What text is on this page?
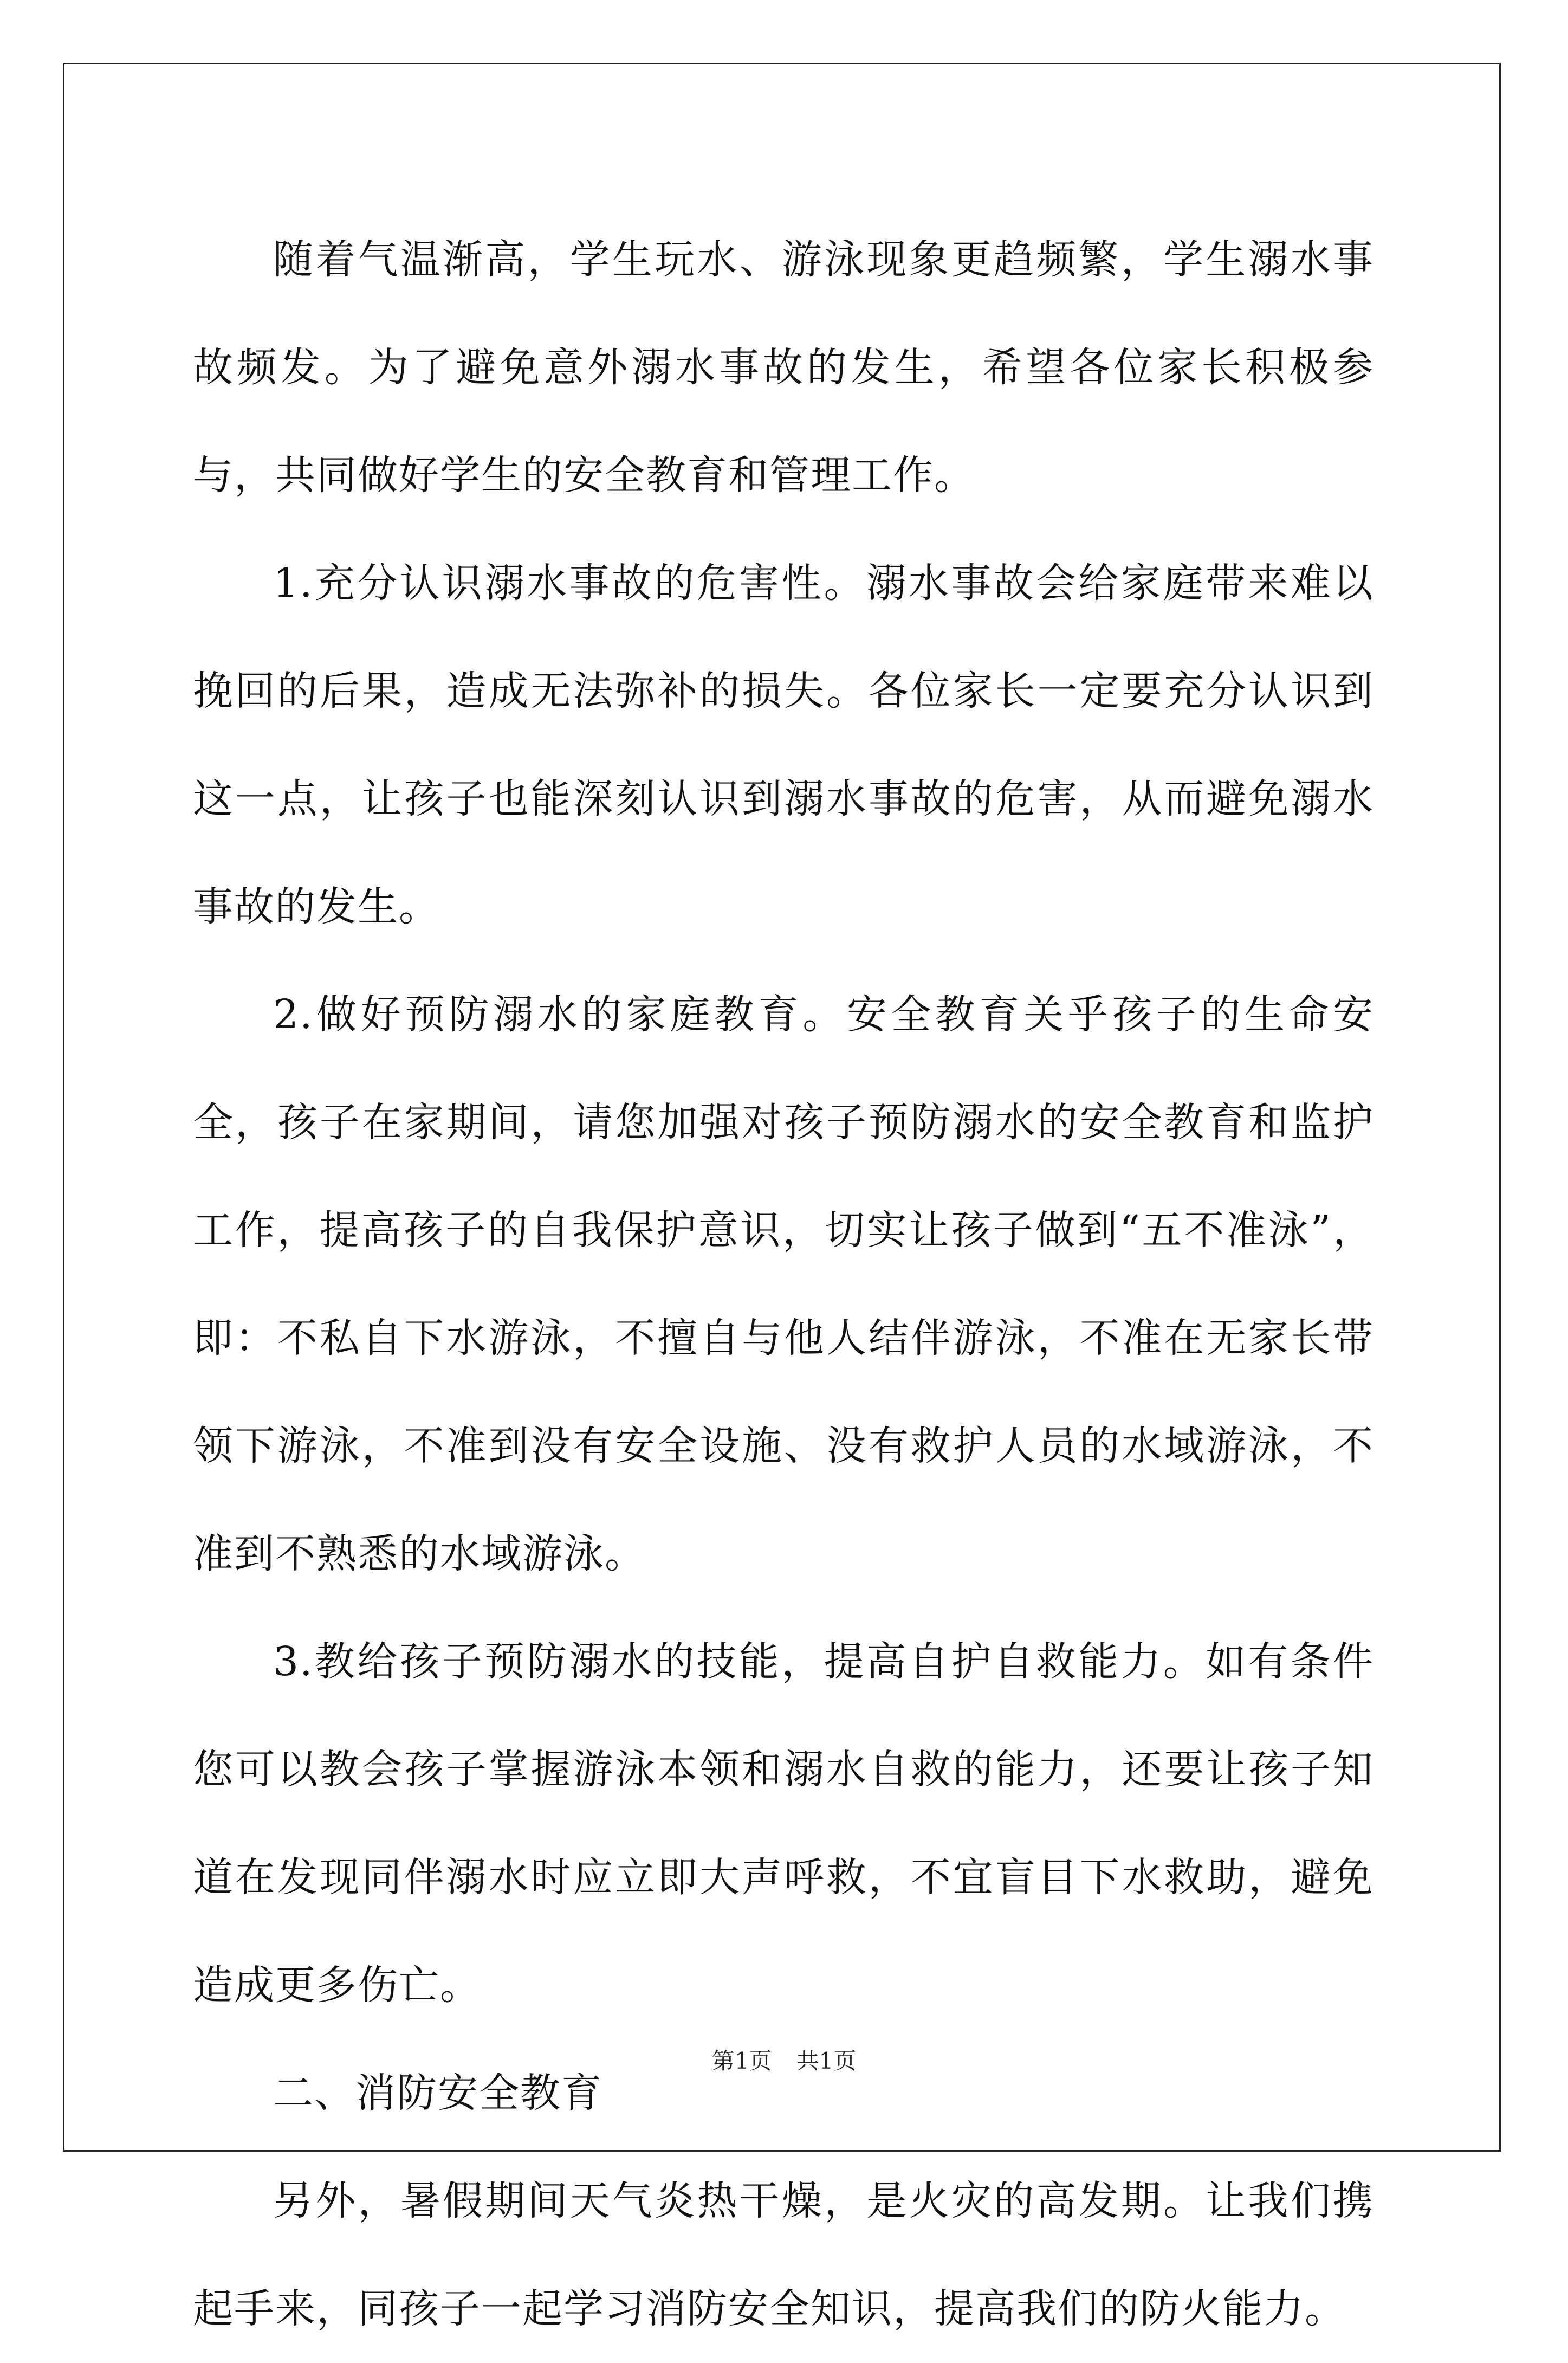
随着气温渐高，学生玩水、游泳现象更趋频繁，学生溺水事故频发。为了避免意外溺水事故的发生，希望各位家长积极参与，共同做好学生的安全教育和管理工作。

1.充分认识溺水事故的危害性。溺水事故会给家庭带来难以挽回的后果，造成无法弥补的损失。各位家长一定要充分认识到这一点，让孩子也能深刻认识到溺水事故的危害，从而避免溺水事故的发生。

2.做好预防溺水的家庭教育。安全教育关乎孩子的生命安全，孩子在家期间，请您加强对孩子预防溺水的安全教育和监护工作，提高孩子的自我保护意识，切实让孩子做到“五不准泳”，即：不私自下水游泳，不擅自与他人结伴游泳，不准在无家长带领下游泳，不准到没有安全设施、没有救护人员的水域游泳，不准到不熟悉的水域游泳。

3.教给孩子预防溺水的技能，提高自护自救能力。如有条件您可以教会孩子掌握游泳本领和溺水自救的能力，还要让孩子知道在发现同伴溺水时应立即大声呼救，不宜盲目下水救助，避免造成更多伤亡。

二、消防安全教育

另外，暑假期间天气炎热干燥，是火灾的高发期。让我们携起手来，同孩子一起学习消防安全知识，提高我们的防火能力。

第1页 共1页
